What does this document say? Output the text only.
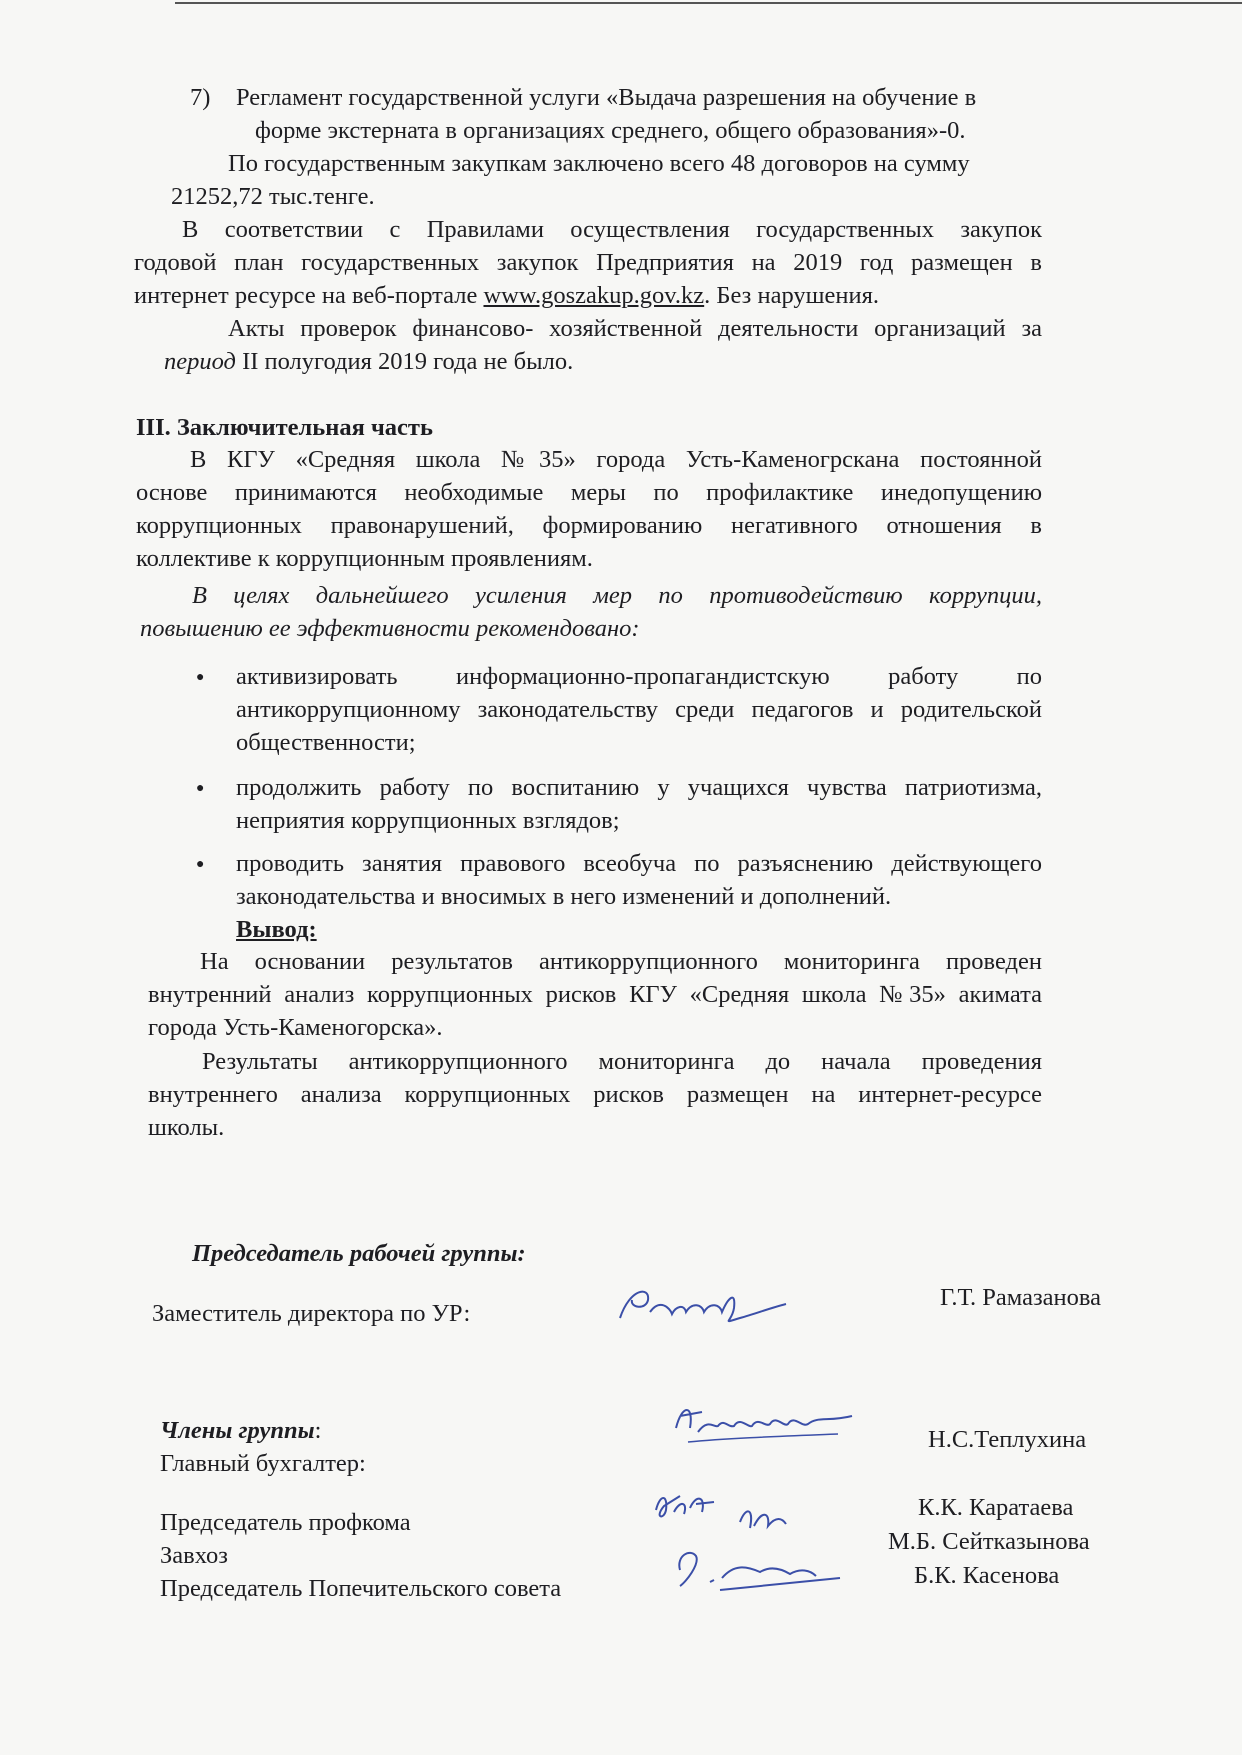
7) Регламент государственной услуги «Выдача разрешения на обучение в
форме экстерната в организациях среднего, общего образования»-0.
По государственным закупкам заключено всего 48 договоров на сумму
21252,72 тыс.тенге.
В соответствии с Правилами осуществления государственных закупок
годовой план государственных закупок Предприятия на 2019 год размещен в
интернет ресурсе на веб-портале www.goszakup.gov.kz. Без нарушения.
Акты проверок финансово- хозяйственной деятельности организаций за
период II полугодия 2019 года не было.
III. Заключительная часть
В КГУ «Средняя школа №35» города Усть-Каменогрскана постоянной
основе принимаются необходимые меры по профилактике инедопущению
коррупционных правонарушений, формированию негативного отношения в
коллективе к коррупционным проявлениям.
В целях дальнейшего усиления мер по противодействию коррупции,
повышению ее эффективности рекомендовано:
● активизировать информационно-пропагандистскую работу по
антикоррупционному законодательству среди педагогов и родительской
общественности;
● продолжить работу по воспитанию у учащихся чувства патриотизма,
неприятия коррупционных взглядов;
● проводить занятия правового всеобуча по разъяснению действующего
законодательства и вносимых в него изменений и дополнений.
Вывод:
На основании результатов антикоррупционного мониторинга проведен
внутренний анализ коррупционных рисков КГУ «Средняя школа №35» акимата
города Усть-Каменогорска».
Результаты антикоррупционного мониторинга до начала проведения
внутреннего анализа коррупционных рисков размещен на интернет-ресурсе
школы.
Председатель рабочей группы:
Заместитель директора по УР:
Г.Т. Рамазанова
Члены группы:
Главный бухгалтер:
Н.С.Теплухина
Председатель профкома
Завхоз
Председатель Попечительского совета
К.К. Каратаева
М.Б. Сейтказынова
Б.К. Касенова
